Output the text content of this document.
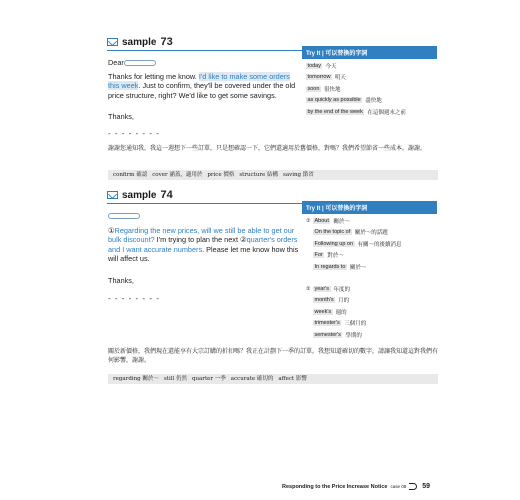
sample 73
Try It | 可以替換的字詞
today 今天
tomorrow 明天
soon 很快地
as quickly as possible 盡快地
by the end of the week 在這個週末之前
Dear
Thanks for letting me know. I'd like to make some orders this week. Just to confirm, they'll be covered under the old price structure, right? We'd like to get some savings.
Thanks,
- - - - - - - -
謝謝您通知我。我這一週想下一些訂單，只是想確認一下，它們還適用於舊價格，對嗎？我們希望節省一些成本。謝謝。
confirm 確認 cover 涵蓋，適用於 price 價格 structure 結構 saving 節省
sample 74
Try It | 可以替換的字詞
① About 關於～
On the topic of 關於～的話題
Following up on 有關～的後續消息
For 對於～
In regards to 關於～
② year's 年度的
month's 月的
week's 週的
trimester's 三個月的
semester's 學期的
①Regarding the new prices, will we still be able to get our bulk discount? I'm trying to plan the next ②quarter's orders and I want accurate numbers. Please let me know how this will affect us.
Thanks,
- - - - - - - -
關於新價格，我們現在還能享有大宗訂購的折扣嗎？我正在計劃下一季的訂單，我想知道確切的數字，請讓我知道這對我們有何影響，謝謝。
regarding 關於～ still 仍然 quarter 一季 accurate 確切的 affect 影響
Responding to the Price Increase Notice case 08 59
